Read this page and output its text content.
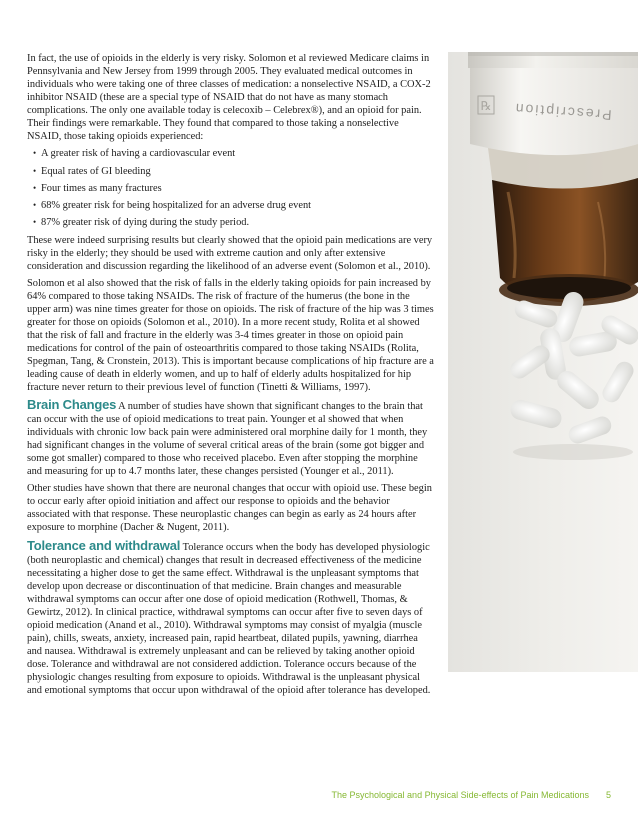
In fact, the use of opioids in the elderly is very risky. Solomon et al reviewed Medicare claims in Pennsylvania and New Jersey from 1999 through 2005. They evaluated medical outcomes in individuals who were taking one of three classes of medication: a nonselective NSAID, a COX-2 inhibitor NSAID (these are a special type of NSAID that do not have as many stomach complications. The only one available today is celecoxib – Celebrex®), and an opioid for pain. Their findings were remarkable. They found that compared to those taking a nonselective NSAID, those taking opioids experienced:

• A greater risk of having a cardiovascular event
• Equal rates of GI bleeding
• Four times as many fractures
• 68% greater risk for being hospitalized for an adverse drug event
• 87% greater risk of dying during the study period.

These were indeed surprising results but clearly showed that the opioid pain medications are very risky in the elderly; they should be used with extreme caution and only after extensive consideration and discussion regarding the likelihood of an adverse event (Solomon et al., 2010).

Solomon et al also showed that the risk of falls in the elderly taking opioids for pain increased by 64% compared to those taking NSAIDs. The risk of fracture of the humerus (the bone in the upper arm) was nine times greater for those on opioids. The risk of fracture of the hip was 3 times greater for those on opioids (Solomon et al., 2010). In a more recent study, Rolita et al showed that the risk of fall and fracture in the elderly was 3-4 times greater in those on opioid pain medications for control of the pain of osteoarthritis compared to those taking NSAIDs (Rolita, Spegman, Tang, & Cronstein, 2013). This is important because complications of hip fracture are a leading cause of death in elderly women, and up to half of elderly adults hospitalized for hip fracture never return to their previous level of function (Tinetti & Williams, 1997).

Brain Changes A number of studies have shown that significant changes to the brain that can occur with the use of opioid medications to treat pain. Younger et al showed that when individuals with chronic low back pain were administered oral morphine daily for 1 month, they had significant changes in the volume of several critical areas of the brain (some got bigger and some got smaller) compared to those who received placebo. Even after stopping the morphine and measuring for up to 4.7 months later, these changes persisted (Younger et al., 2011).

Other studies have shown that there are neuronal changes that occur with opioid use. These begin to occur early after opioid initiation and affect our response to opioids and the behavior associated with that response. These neuroplastic changes can begin as early as 24 hours after exposure to morphine (Dacher & Nugent, 2011).

Tolerance and withdrawal Tolerance occurs when the body has developed physiologic (both neuroplastic and chemical) changes that result in decreased effectiveness of the medicine necessitating a higher dose to get the same effect. Withdrawal is the unpleasant symptoms that develop upon decrease or discontinuation of that medicine. Brain changes and measurable withdrawal symptoms can occur after one dose of opioid medication (Rothwell, Thomas, & Gewirtz, 2012). In clinical practice, withdrawal symptoms can occur after five to seven days of opioid medication (Anand et al., 2010). Withdrawal symptoms may consist of myalgia (muscle pain), chills, sweats, anxiety, increased pain, rapid heartbeat, dilated pupils, yawning, diarrhea and nausea. Withdrawal is extremely unpleasant and can be relieved by taking another opioid dose. Tolerance and withdrawal are not considered addiction. Tolerance occurs because of the physiologic changes resulting from exposure to opioids. Withdrawal is the unpleasant physical and emotional symptoms that occur upon withdrawal of the opioid after tolerance has developed.

Prescription
℞
The Psychological and Physical Side-effects of Pain Medications 5
